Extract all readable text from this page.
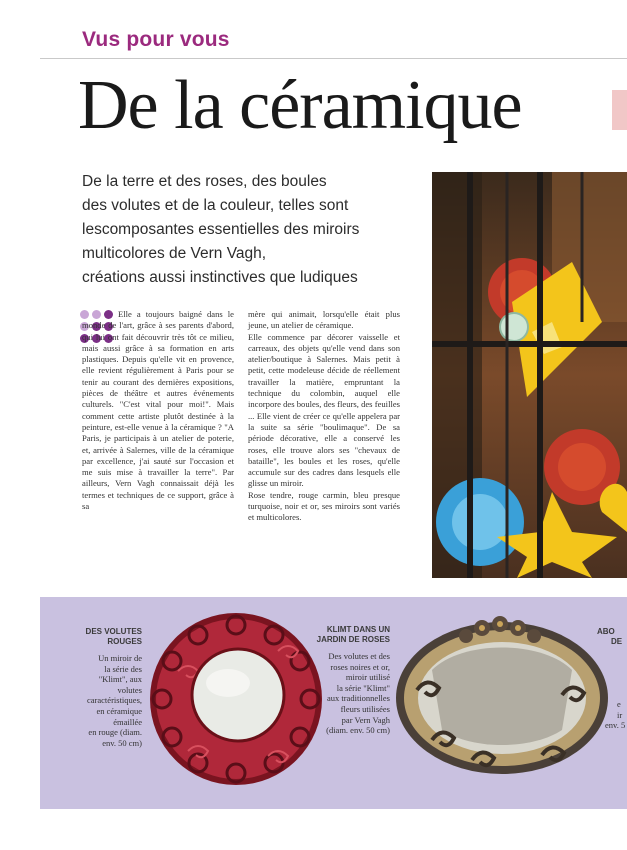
Vus pour vous
De la céramique
De la terre et des roses, des boules
des volutes et de la couleur, telles sont
lescomposantes essentielles des miroirs
multicolores de Vern Vagh,
créations aussi instinctives que ludiques

Elle a toujours baigné dans le monde de l'art, grâce à ses parents d'abord, qui lui ont fait découvrir très tôt ce milieu, mais aussi grâce à sa formation en arts plastiques. Depuis qu'elle vit en provence, elle revient régulièrement à Paris pour se tenir au courant des dernières expositions, pièces de théâtre et autres événements culturels. "C'est vital pour moi!". Mais comment cette artiste plutôt destinée à la peinture, est-elle venue à la céramique ? "A Paris, je participais à un atelier de poterie, et, arrivée à Salernes, ville de la céramique par excellence, j'ai sauté sur l'occasion et me suis mise à travailler la terre". Par ailleurs, Vern Vagh connaissait déjà les termes et techniques de ce support, grâce à sa

mère qui animait, lorsqu'elle était plus jeune, un atelier de céramique.

Elle commence par décorer vaisselle et carreaux, des objets qu'elle vend dans son atelier/boutique à Salernes. Mais petit à petit, cette modeleuse décide de réellement travailler la matière, empruntant la technique du colombin, auquel elle incorpore des boules, des fleurs, des feuilles ... Elle vient de créer ce qu'elle appelera par la suite sa série "boulimaque". De sa période décorative, elle a conservé les roses, elle trouve alors ses "chevaux de bataille", les boules et les roses, qu'elle accumule sur des cadres dans lesquels elle glisse un miroir.

Rose tendre, rouge carmin, bleu presque turquoise, noir et or, ses miroirs sont variés et multicolores.

DES VOLUTES
ROUGES
Un miroir de
la série des
"Klimt", aux
volutes
caractéristiques,
en céramique
émaillée
en rouge (diam.
env. 50 cm)
KLIMT DANS UN
JARDIN DE ROSES
Des volutes et des
roses noires et or,
miroir utilisé
la série "Klimt"
aux traditionnelles
fleurs utilisées
par Vern Vagh
(diam. env. 50 cm)
ABO
DE
e
ir
env. 5
